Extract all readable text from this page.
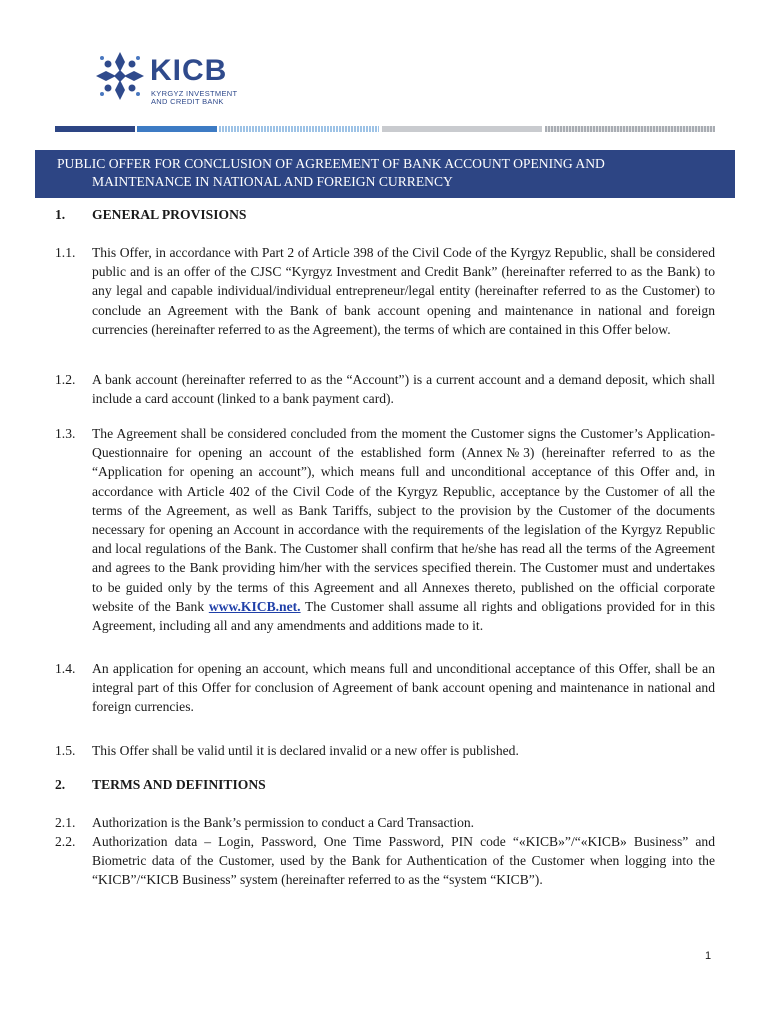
KICB
KYRGYZ INVESTMENT AND CREDIT BANK
PUBLIC OFFER FOR CONCLUSION OF AGREEMENT OF BANK ACCOUNT OPENING AND
MAINTENANCE IN NATIONAL AND FOREIGN CURRENCY
1. GENERAL PROVISIONS
1.1. This Offer, in accordance with Part 2 of Article 398 of the Civil Code of the Kyrgyz Republic, shall be considered public and is an offer of the CJSC “Kyrgyz Investment and Credit Bank” (hereinafter referred to as the Bank) to any legal and capable individual/individual entrepreneur/legal entity (hereinafter referred to as the Customer) to conclude an Agreement with the Bank of bank account opening and maintenance in national and foreign currencies (hereinafter referred to as the Agreement), the terms of which are contained in this Offer below.
1.2. A bank account (hereinafter referred to as the “Account”) is a current account and a demand deposit, which shall include a card account (linked to a bank payment card).
1.3. The Agreement shall be considered concluded from the moment the Customer signs the Customer’s Application-Questionnaire for opening an account of the established form (Annex№3) (hereinafter referred to as the “Application for opening an account”), which means full and unconditional acceptance of this Offer and, in accordance with Article 402 of the Civil Code of the Kyrgyz Republic, acceptance by the Customer of all the terms of the Agreement, as well as Bank Tariffs, subject to the provision by the Customer of the documents necessary for opening an Account in accordance with the requirements of the legislation of the Kyrgyz Republic and local regulations of the Bank. The Customer shall confirm that he/she has read all the terms of the Agreement and agrees to the Bank providing him/her with the services specified therein. The Customer must and undertakes to be guided only by the terms of this Agreement and all Annexes thereto, published on the official corporate website of the Bank www.KICB.net. The Customer shall assume all rights and obligations provided for in this Agreement, including all and any amendments and additions made to it.
1.4. An application for opening an account, which means full and unconditional acceptance of this Offer, shall be an integral part of this Offer for conclusion of Agreement of bank account opening and maintenance in national and foreign currencies.
1.5. This Offer shall be valid until it is declared invalid or a new offer is published.
2. TERMS AND DEFINITIONS
2.1. Authorization is the Bank’s permission to conduct a Card Transaction.
2.2. Authorization data – Login, Password, One Time Password, PIN code “«KICB»”/“«KICB» Business” and Biometric data of the Customer, used by the Bank for Authentication of the Customer when logging into the “KICB”/“KICB Business” system (hereinafter referred to as the “system “KICB”).
1
